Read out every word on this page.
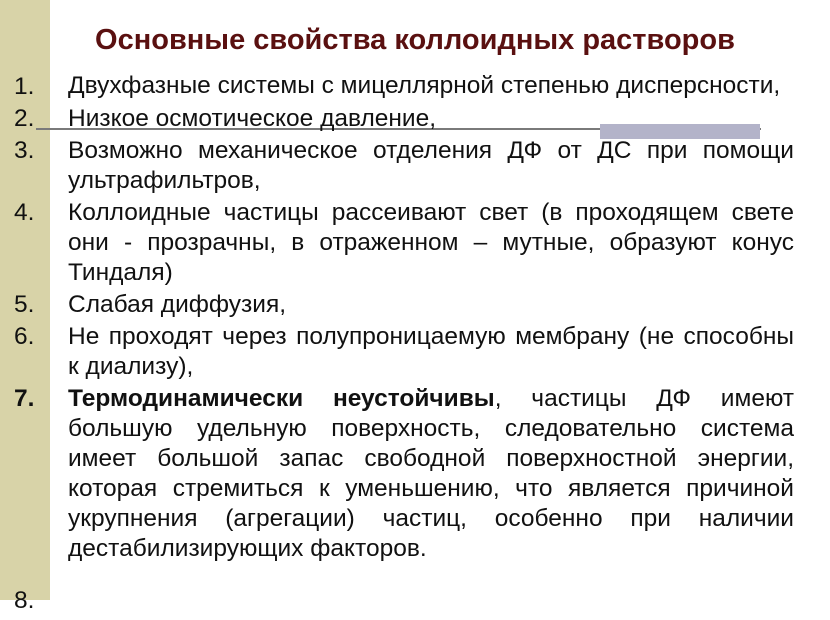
Основные свойства коллоидных растворов
1.	Двухфазные системы с мицеллярной степенью дисперсности,
2.	Низкое осмотическое давление,
3.	Возможно механическое отделения ДФ от ДС при помощи ультрафильтров,
4.	Коллоидные частицы рассеивают свет (в проходящем свете они - прозрачны, в отраженном – мутные, образуют конус Тиндаля)
5.	Слабая диффузия,
6.	Не проходят через полупроницаемую мембрану (не способны к диализу),
7.	Термодинамически неустойчивы, частицы ДФ имеют большую удельную поверхность, следовательно система имеет большой запас свободной поверхностной энергии, которая стремиться к уменьшению, что является причиной укрупнения (агрегации) частиц, особенно при наличии дестабилизирующих факторов.
8.
